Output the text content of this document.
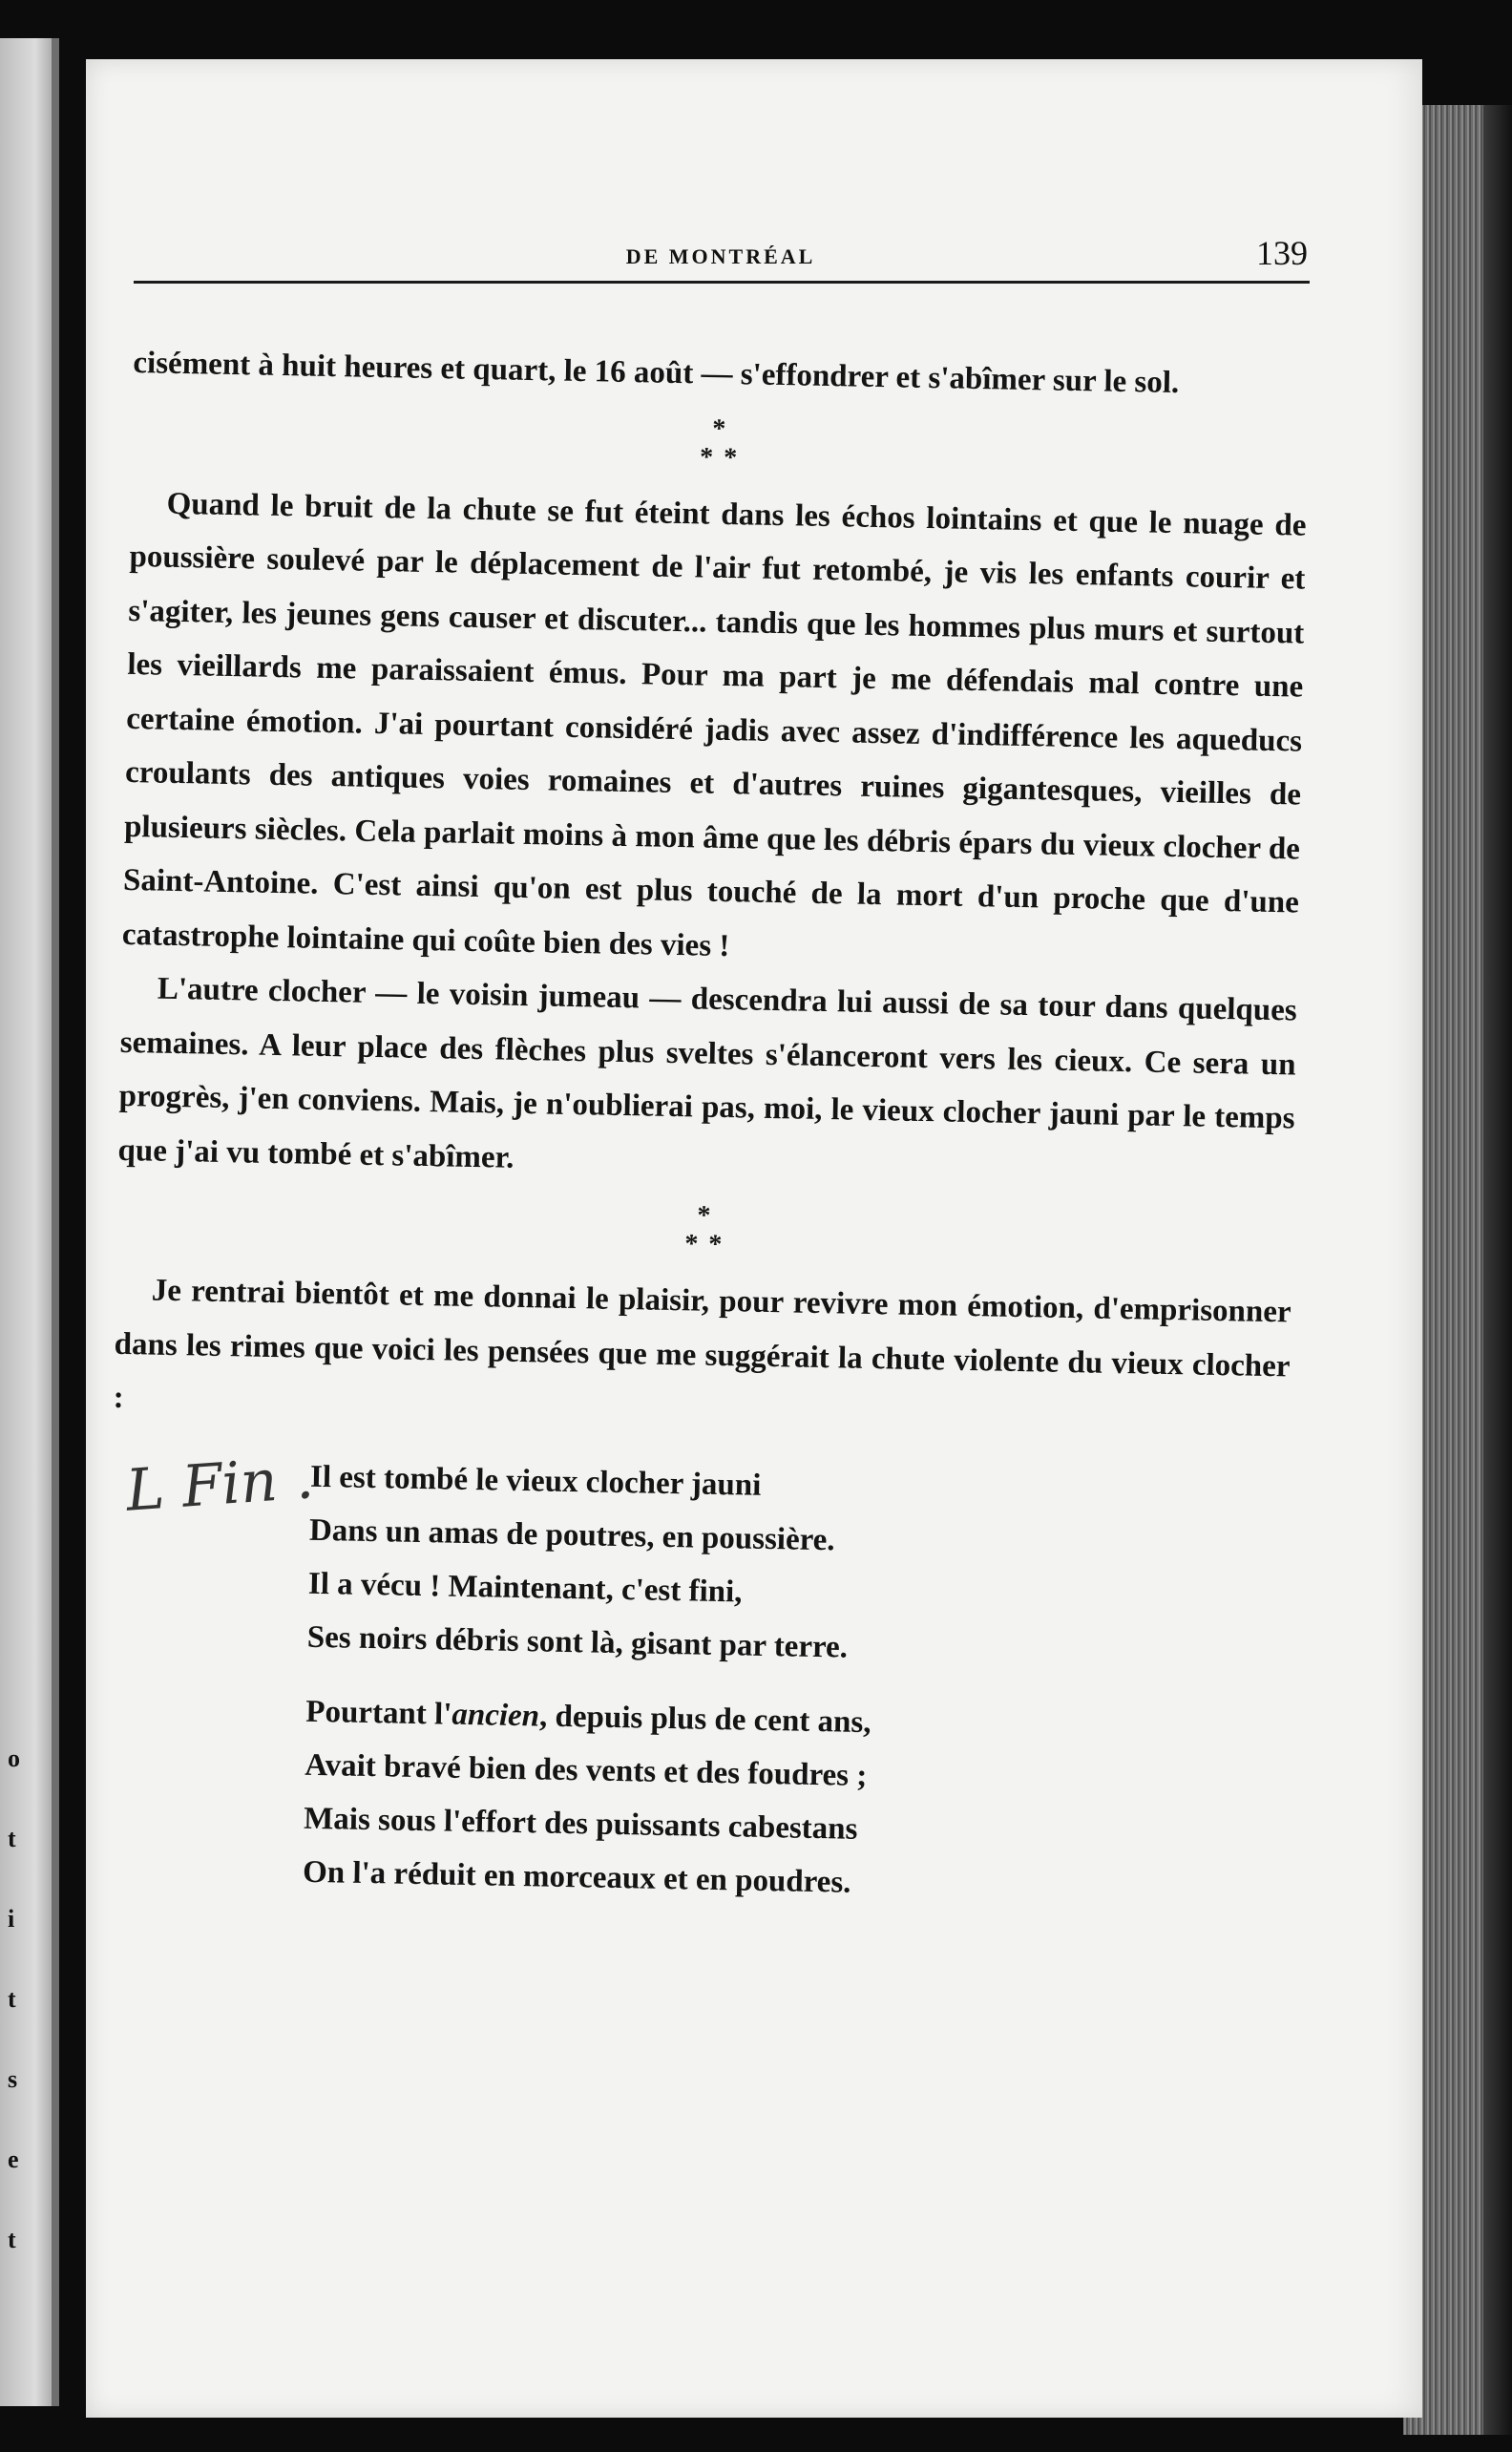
o
t
i
t
s
e
t
DE MONTRÉAL	139

cisément à huit heures et quart, le 16 août — s'effondrer et s'abîmer sur le sol.

*
* *

Quand le bruit de la chute se fut éteint dans les échos lointains et que le nuage de poussière soulevé par le déplacement de l'air fut retombé, je vis les enfants courir et s'agiter, les jeunes gens causer et discuter... tandis que les hommes plus murs et surtout les vieillards me paraissaient émus. Pour ma part je me défendais mal contre une certaine émotion. J'ai pourtant considéré jadis avec assez d'indifférence les aqueducs croulants des antiques voies romaines et d'autres ruines gigantesques, vieilles de plusieurs siècles. Cela parlait moins à mon âme que les débris épars du vieux clocher de Saint-Antoine. C'est ainsi qu'on est plus touché de la mort d'un proche que d'une catastrophe lointaine qui coûte bien des vies !

L'autre clocher — le voisin jumeau — descendra lui aussi de sa tour dans quelques semaines. A leur place des flèches plus sveltes s'élanceront vers les cieux. Ce sera un progrès, j'en conviens. Mais, je n'oublierai pas, moi, le vieux clocher jauni par le temps que j'ai vu tombé et s'abîmer.

*
* *

Je rentrai bientôt et me donnai le plaisir, pour revivre mon émotion, d'emprisonner dans les rimes que voici les pensées que me suggérait la chute violente du vieux clocher :

Il est tombé le vieux clocher jauni
Dans un amas de poutres, en poussière.
Il a vécu ! Maintenant, c'est fini,
Ses noirs débris sont là, gisant par terre.
Pourtant l'ancien, depuis plus de cent ans,
Avait bravé bien des vents et des foudres ;
Mais sous l'effort des puissants cabestans
On l'a réduit en morceaux et en poudres.
L Fin .
